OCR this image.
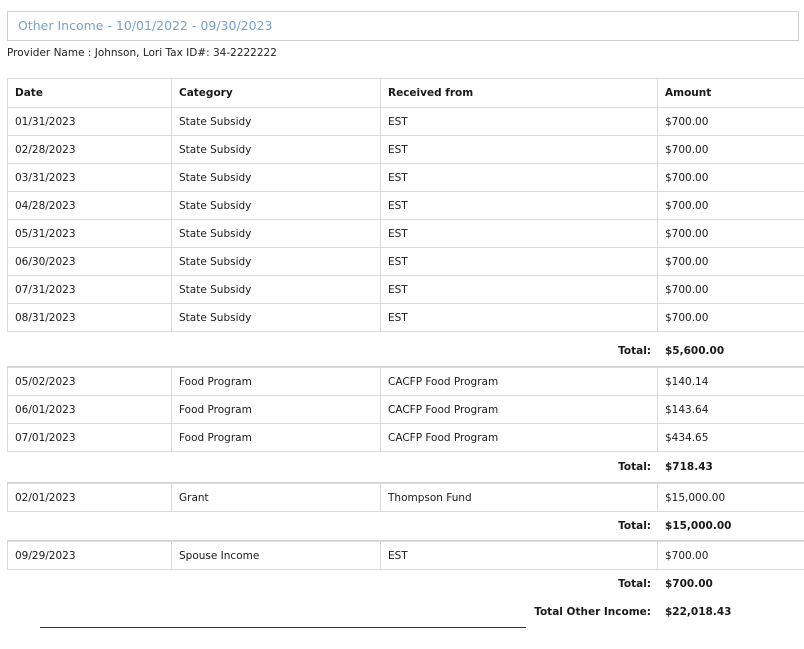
Other Income - 10/01/2022 - 09/30/2023
Provider Name : Johnson, Lori Tax ID#: 34-2222222
Date	Category	Received from	Amount
01/31/2023	State Subsidy	EST	$700.00
02/28/2023	State Subsidy	EST	$700.00
03/31/2023	State Subsidy	EST	$700.00
04/28/2023	State Subsidy	EST	$700.00
05/31/2023	State Subsidy	EST	$700.00
06/30/2023	State Subsidy	EST	$700.00
07/31/2023	State Subsidy	EST	$700.00
08/31/2023	State Subsidy	EST	$700.00
Total: $5,600.00
05/02/2023	Food Program	CACFP Food Program	$140.14
06/01/2023	Food Program	CACFP Food Program	$143.64
07/01/2023	Food Program	CACFP Food Program	$434.65
Total: $718.43
02/01/2023	Grant	Thompson Fund	$15,000.00
Total: $15,000.00
09/29/2023	Spouse Income	EST	$700.00
Total: $700.00
Total Other Income: $22,018.43
